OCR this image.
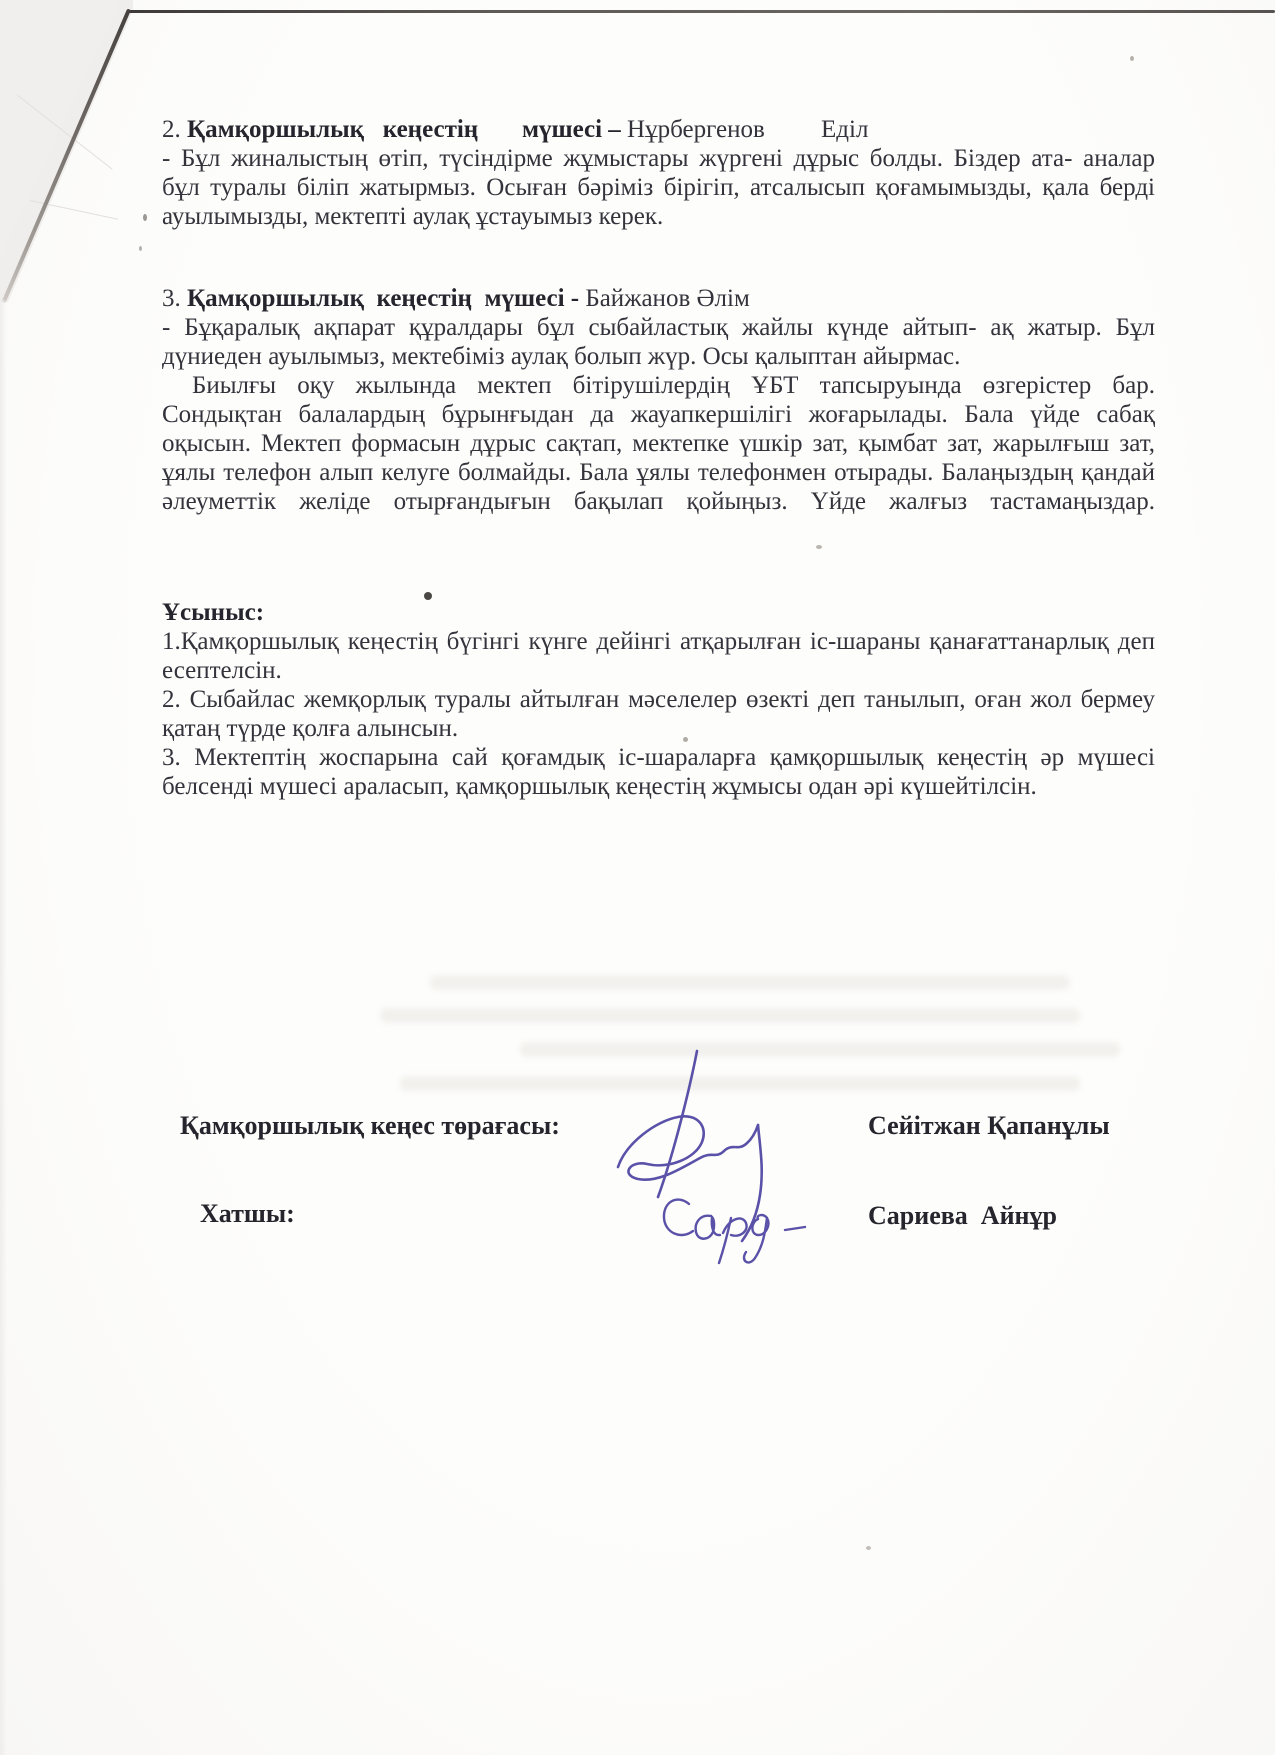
2. Қамқоршылық   кеңестің       мүшесі – Нұрбергенов         Еділ
- Бұл жиналыстың өтіп, түсіндірме жұмыстары жүргені дұрыс болды. Біздер ата- аналар
бұл туралы біліп жатырмыз. Осыған бәріміз бірігіп, атсалысып қоғамымызды, қала берді
ауылымызды, мектепті аулақ ұстауымыз керек.
3. Қамқоршылық  кеңестің  мүшесі - Байжанов Әлім
- Бұқаралық ақпарат құралдары бұл сыбайластық жайлы күнде айтып- ақ жатыр. Бұл
дүниеден ауылымыз, мектебіміз аулақ болып жүр. Осы қалыптан айырмас.
Биылғы оқу жылында мектеп бітірушілердің ҰБТ тапсыруында өзгерістер бар.
Сондықтан балалардың бұрынғыдан да жауапкершілігі жоғарылады. Бала үйде сабақ
оқысын. Мектеп формасын дұрыс сақтап, мектепке үшкір зат, қымбат зат, жарылғыш зат,
ұялы телефон алып келуге болмайды. Бала ұялы телефонмен отырады. Балаңыздың қандай
әлеуметтік желіде отырғандығын бақылап қойыңыз. Үйде жалғыз тастамаңыздар.
Ұсыныс:
1.Қамқоршылық кеңестің бүгінгі күнге дейінгі атқарылған іс-шараны қанағаттанарлық деп
есептелсін.
2. Сыбайлас жемқорлық туралы айтылған мәселелер өзекті деп танылып, оған жол бермеу
қатаң түрде қолға алынсын.
3. Мектептің жоспарына сай қоғамдық іс-шараларға қамқоршылық кеңестің әр мүшесі
белсенді мүшесі араласып, қамқоршылық кеңестің жұмысы одан әрі күшейтілсін.
Қамқоршылық кеңес төрағасы:	Сейітжан Қапанұлы
Хатшы:	Сариева  Айнұр
